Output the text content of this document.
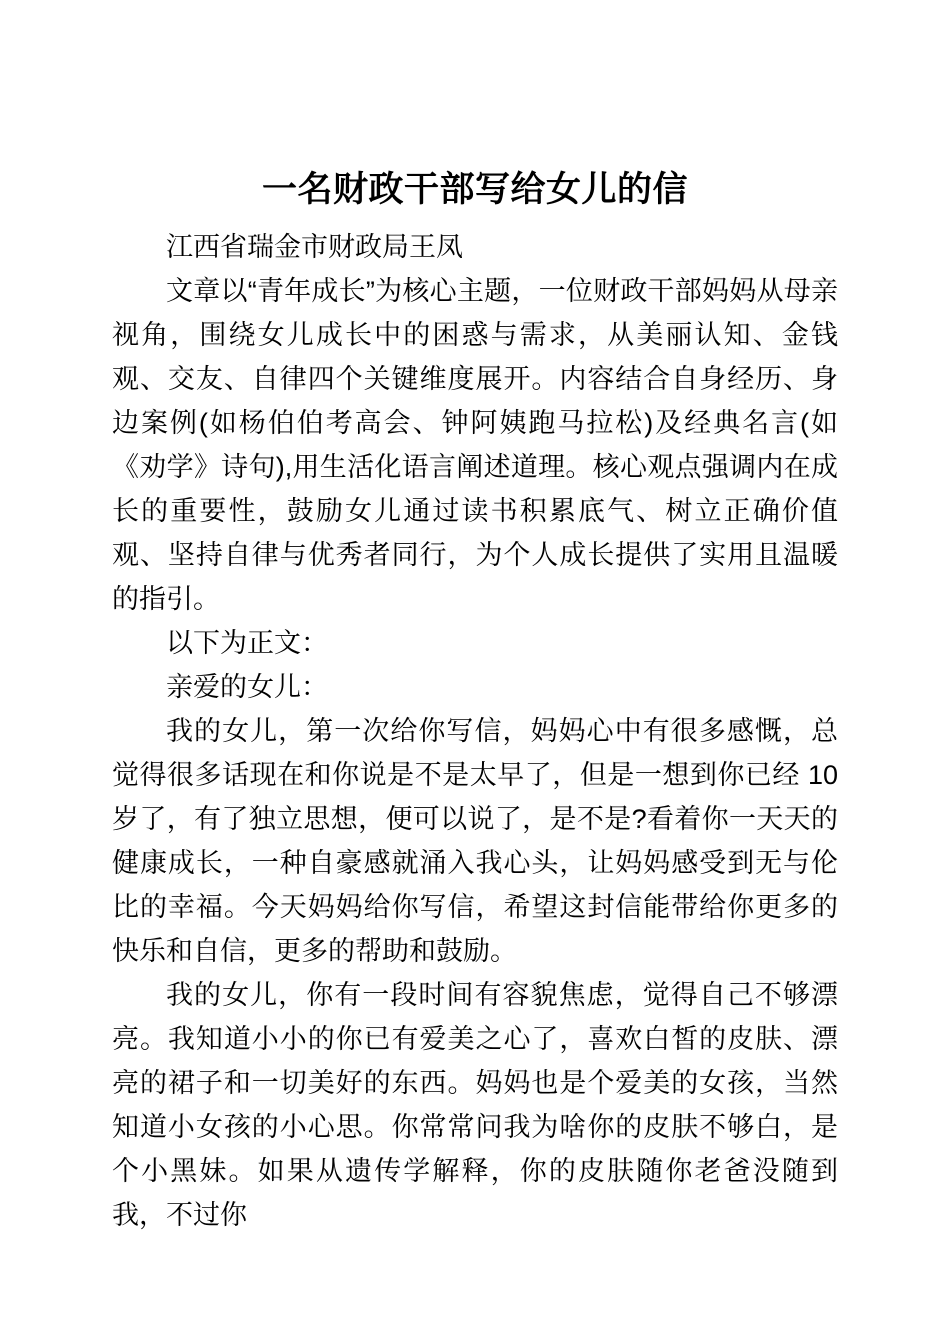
一名财政干部写给女儿的信

江西省瑞金市财政局王凤

文章以“青年成长”为核心主题，一位财政干部妈妈从母亲视角，围绕女儿成长中的困惑与需求，从美丽认知、金钱观、交友、自律四个关键维度展开。内容结合自身经历、身边案例(如杨伯伯考高会、钟阿姨跑马拉松)及经典名言(如《劝学》诗句),用生活化语言阐述道理。核心观点强调内在成长的重要性，鼓励女儿通过读书积累底气、树立正确价值观、坚持自律与优秀者同行，为个人成长提供了实用且温暖的指引。

以下为正文：

亲爱的女儿：

我的女儿，第一次给你写信，妈妈心中有很多感慨，总觉得很多话现在和你说是不是太早了，但是一想到你已经 10 岁了，有了独立思想，便可以说了，是不是?看着你一天天的健康成长，一种自豪感就涌入我心头，让妈妈感受到无与伦比的幸福。今天妈妈给你写信，希望这封信能带给你更多的快乐和自信，更多的帮助和鼓励。

我的女儿，你有一段时间有容貌焦虑，觉得自己不够漂亮。我知道小小的你已有爱美之心了，喜欢白皙的皮肤、漂亮的裙子和一切美好的东西。妈妈也是个爱美的女孩，当然知道小女孩的小心思。你常常问我为啥你的皮肤不够白，是个小黑妹。如果从遗传学解释，你的皮肤随你老爸没随到我，不过你
